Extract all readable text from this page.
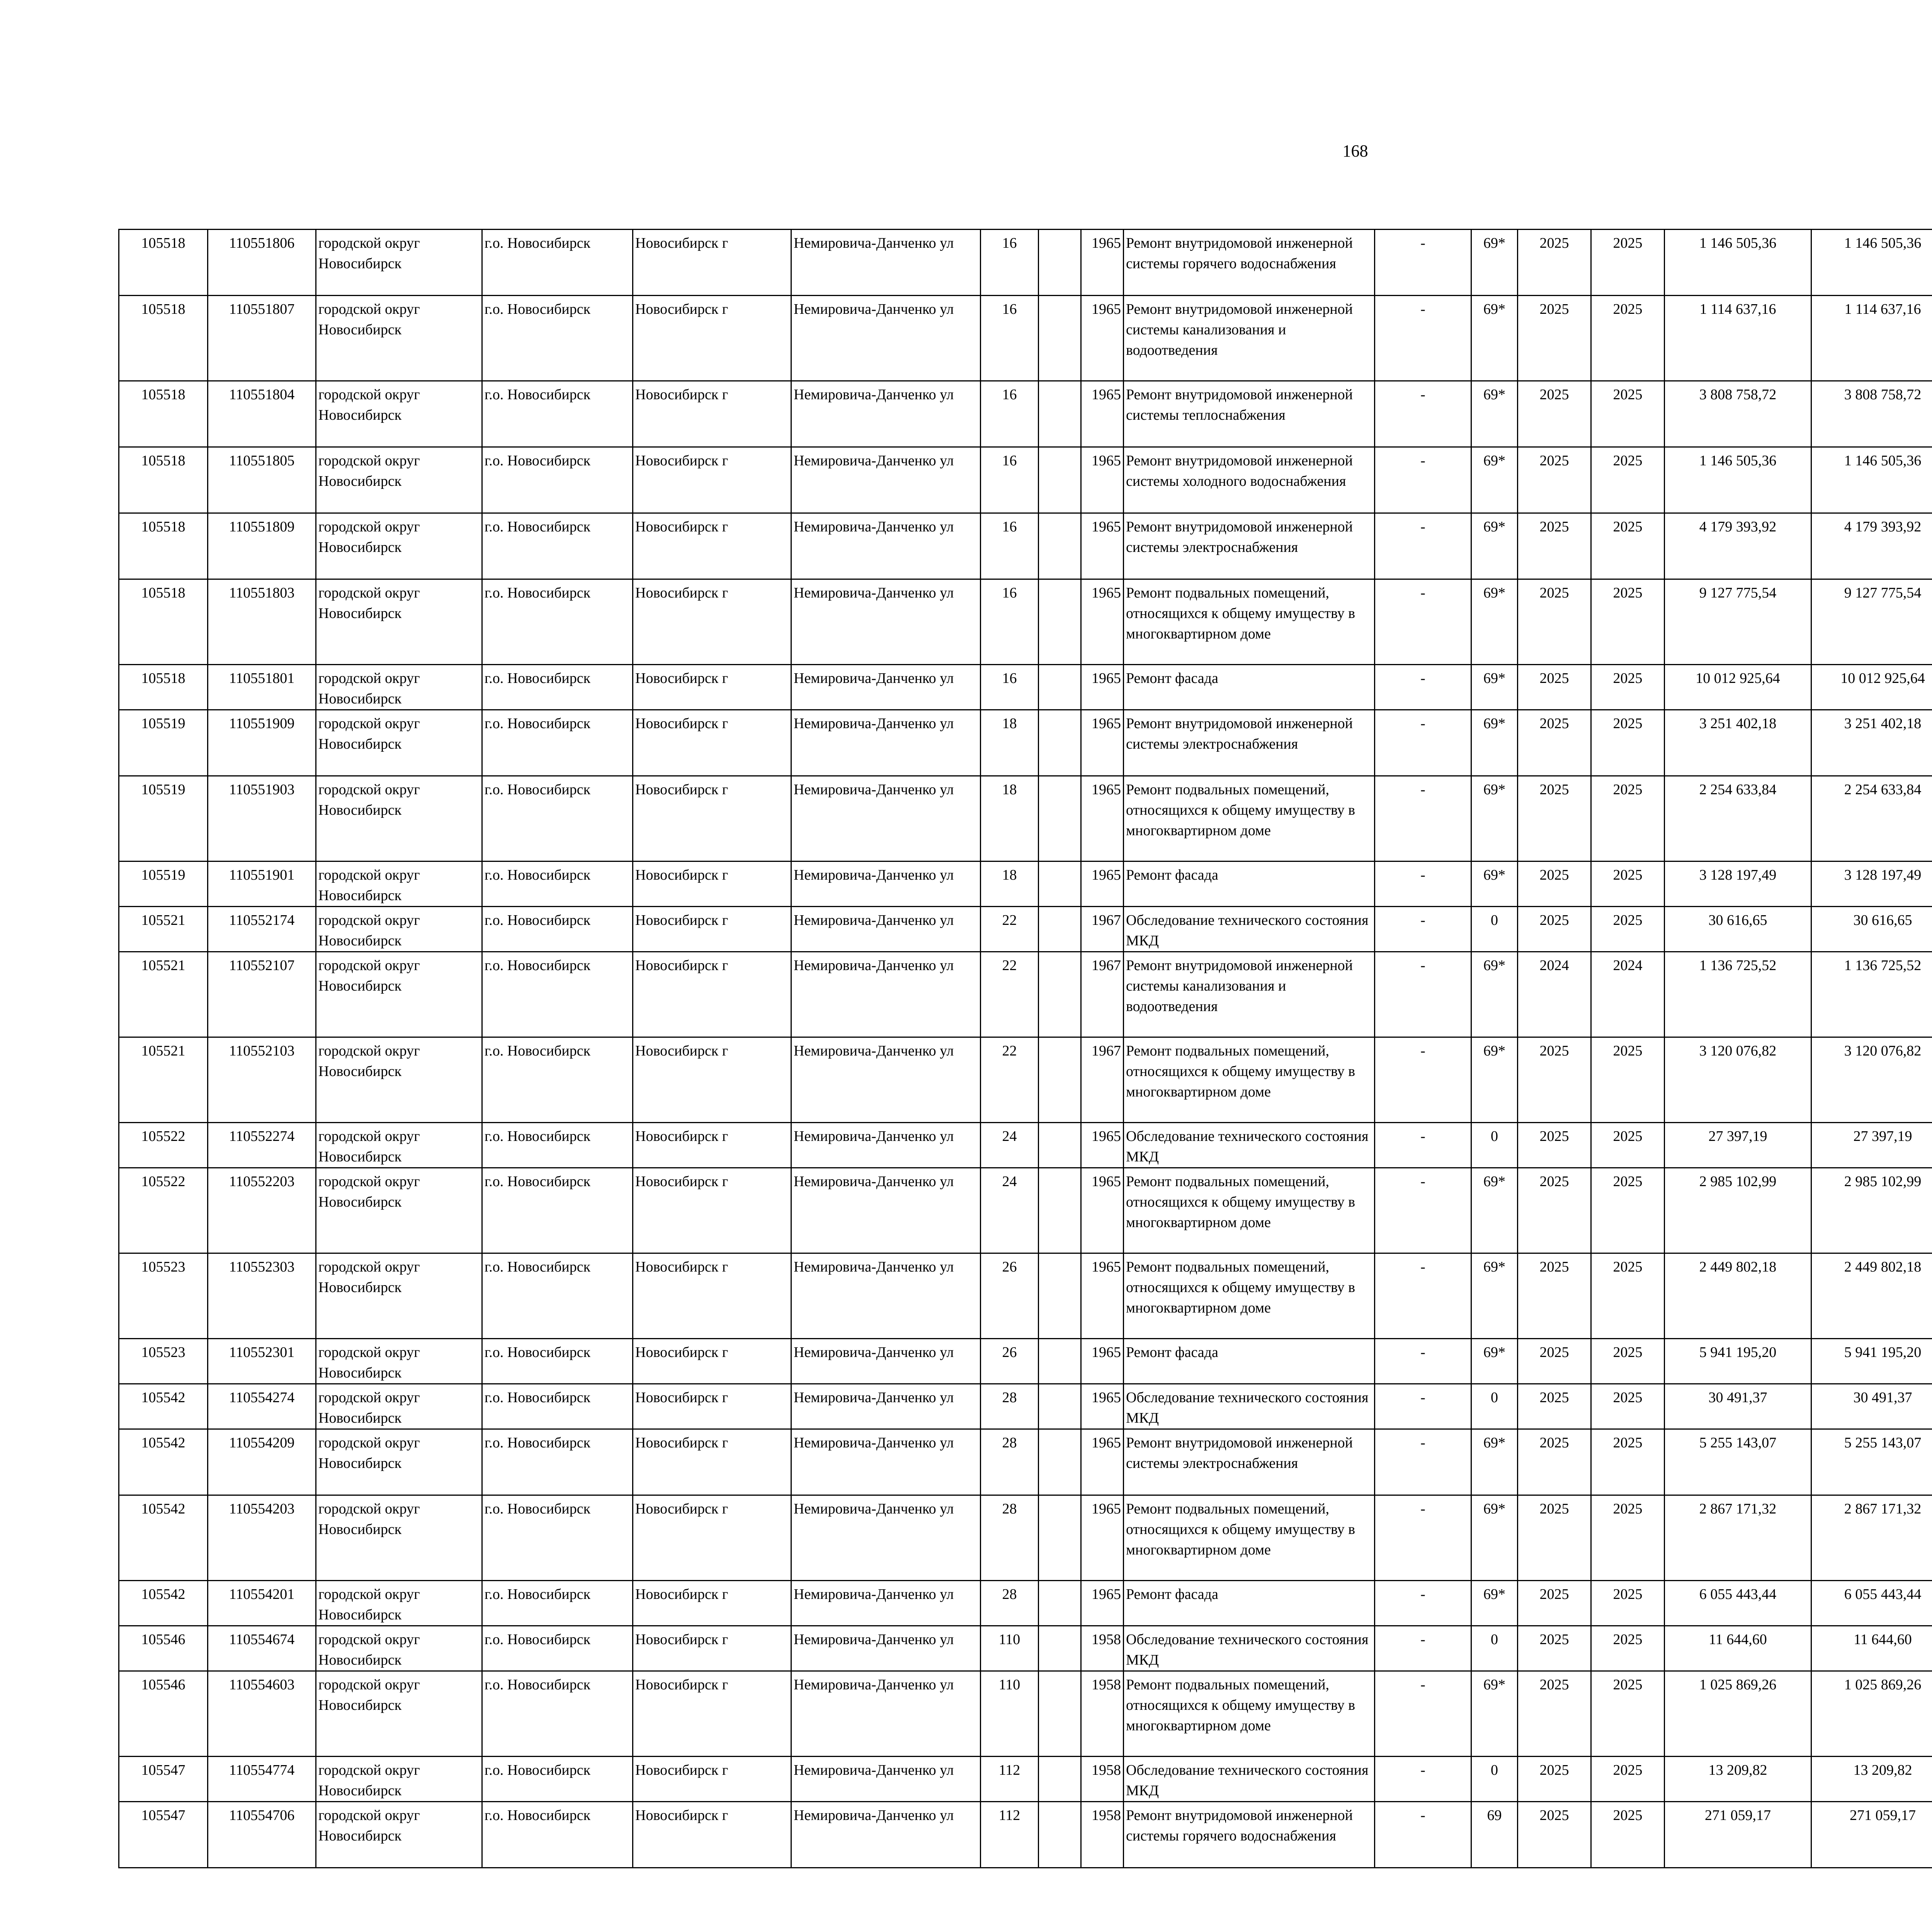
168
105518	110551806	городской округ Новосибирск	г.о. Новосибирск	Новосибирск г	Немировича-Данченко ул	16		1965	Ремонт внутридомовой инженерной системы горячего водоснабжения	-	69*	2025	2025	1 146 505,36	1 146 505,36						
105518	110551807	городской округ Новосибирск	г.о. Новосибирск	Новосибирск г	Немировича-Данченко ул	16		1965	Ремонт внутридомовой инженерной системы канализования и водоотведения	-	69*	2025	2025	1 114 637,16	1 114 637,16						
105518	110551804	городской округ Новосибирск	г.о. Новосибирск	Новосибирск г	Немировича-Данченко ул	16		1965	Ремонт внутридомовой инженерной системы теплоснабжения	-	69*	2025	2025	3 808 758,72	3 808 758,72						
105518	110551805	городской округ Новосибирск	г.о. Новосибирск	Новосибирск г	Немировича-Данченко ул	16		1965	Ремонт внутридомовой инженерной системы холодного водоснабжения	-	69*	2025	2025	1 146 505,36	1 146 505,36						
105518	110551809	городской округ Новосибирск	г.о. Новосибирск	Новосибирск г	Немировича-Данченко ул	16		1965	Ремонт внутридомовой инженерной системы электроснабжения	-	69*	2025	2025	4 179 393,92	4 179 393,92						
105518	110551803	городской округ Новосибирск	г.о. Новосибирск	Новосибирск г	Немировича-Данченко ул	16		1965	Ремонт подвальных помещений, относящихся к общему имуществу в многоквартирном доме	-	69*	2025	2025	9 127 775,54	9 127 775,54						
105518	110551801	городской округ Новосибирск	г.о. Новосибирск	Новосибирск г	Немировича-Данченко ул	16		1965	Ремонт фасада	-	69*	2025	2025	10 012 925,64	10 012 925,64						
105519	110551909	городской округ Новосибирск	г.о. Новосибирск	Новосибирск г	Немировича-Данченко ул	18		1965	Ремонт внутридомовой инженерной системы электроснабжения	-	69*	2025	2025	3 251 402,18	3 251 402,18						
105519	110551903	городской округ Новосибирск	г.о. Новосибирск	Новосибирск г	Немировича-Данченко ул	18		1965	Ремонт подвальных помещений, относящихся к общему имуществу в многоквартирном доме	-	69*	2025	2025	2 254 633,84	2 254 633,84						
105519	110551901	городской округ Новосибирск	г.о. Новосибирск	Новосибирск г	Немировича-Данченко ул	18		1965	Ремонт фасада	-	69*	2025	2025	3 128 197,49	3 128 197,49						
105521	110552174	городской округ Новосибирск	г.о. Новосибирск	Новосибирск г	Немировича-Данченко ул	22		1967	Обследование технического состояния МКД	-	0	2025	2025	30 616,65	30 616,65						
105521	110552107	городской округ Новосибирск	г.о. Новосибирск	Новосибирск г	Немировича-Данченко ул	22		1967	Ремонт внутридомовой инженерной системы канализования и водоотведения	-	69*	2024	2024	1 136 725,52	1 136 725,52						
105521	110552103	городской округ Новосибирск	г.о. Новосибирск	Новосибирск г	Немировича-Данченко ул	22		1967	Ремонт подвальных помещений, относящихся к общему имуществу в многоквартирном доме	-	69*	2025	2025	3 120 076,82	3 120 076,82						
105522	110552274	городской округ Новосибирск	г.о. Новосибирск	Новосибирск г	Немировича-Данченко ул	24		1965	Обследование технического состояния МКД	-	0	2025	2025	27 397,19	27 397,19						
105522	110552203	городской округ Новосибирск	г.о. Новосибирск	Новосибирск г	Немировича-Данченко ул	24		1965	Ремонт подвальных помещений, относящихся к общему имуществу в многоквартирном доме	-	69*	2025	2025	2 985 102,99	2 985 102,99						
105523	110552303	городской округ Новосибирск	г.о. Новосибирск	Новосибирск г	Немировича-Данченко ул	26		1965	Ремонт подвальных помещений, относящихся к общему имуществу в многоквартирном доме	-	69*	2025	2025	2 449 802,18	2 449 802,18						
105523	110552301	городской округ Новосибирск	г.о. Новосибирск	Новосибирск г	Немировича-Данченко ул	26		1965	Ремонт фасада	-	69*	2025	2025	5 941 195,20	5 941 195,20						
105542	110554274	городской округ Новосибирск	г.о. Новосибирск	Новосибирск г	Немировича-Данченко ул	28		1965	Обследование технического состояния МКД	-	0	2025	2025	30 491,37	30 491,37						
105542	110554209	городской округ Новосибирск	г.о. Новосибирск	Новосибирск г	Немировича-Данченко ул	28		1965	Ремонт внутридомовой инженерной системы электроснабжения	-	69*	2025	2025	5 255 143,07	5 255 143,07						
105542	110554203	городской округ Новосибирск	г.о. Новосибирск	Новосибирск г	Немировича-Данченко ул	28		1965	Ремонт подвальных помещений, относящихся к общему имуществу в многоквартирном доме	-	69*	2025	2025	2 867 171,32	2 867 171,32						
105542	110554201	городской округ Новосибирск	г.о. Новосибирск	Новосибирск г	Немировича-Данченко ул	28		1965	Ремонт фасада	-	69*	2025	2025	6 055 443,44	6 055 443,44						
105546	110554674	городской округ Новосибирск	г.о. Новосибирск	Новосибирск г	Немировича-Данченко ул	110		1958	Обследование технического состояния МКД	-	0	2025	2025	11 644,60	11 644,60						
105546	110554603	городской округ Новосибирск	г.о. Новосибирск	Новосибирск г	Немировича-Данченко ул	110		1958	Ремонт подвальных помещений, относящихся к общему имуществу в многоквартирном доме	-	69*	2025	2025	1 025 869,26	1 025 869,26						
105547	110554774	городской округ Новосибирск	г.о. Новосибирск	Новосибирск г	Немировича-Данченко ул	112		1958	Обследование технического состояния МКД	-	0	2025	2025	13 209,82	13 209,82						
105547	110554706	городской округ Новосибирск	г.о. Новосибирск	Новосибирск г	Немировича-Данченко ул	112		1958	Ремонт внутридомовой инженерной системы горячего водоснабжения	-	69	2025	2025	271 059,17	271 059,17						
